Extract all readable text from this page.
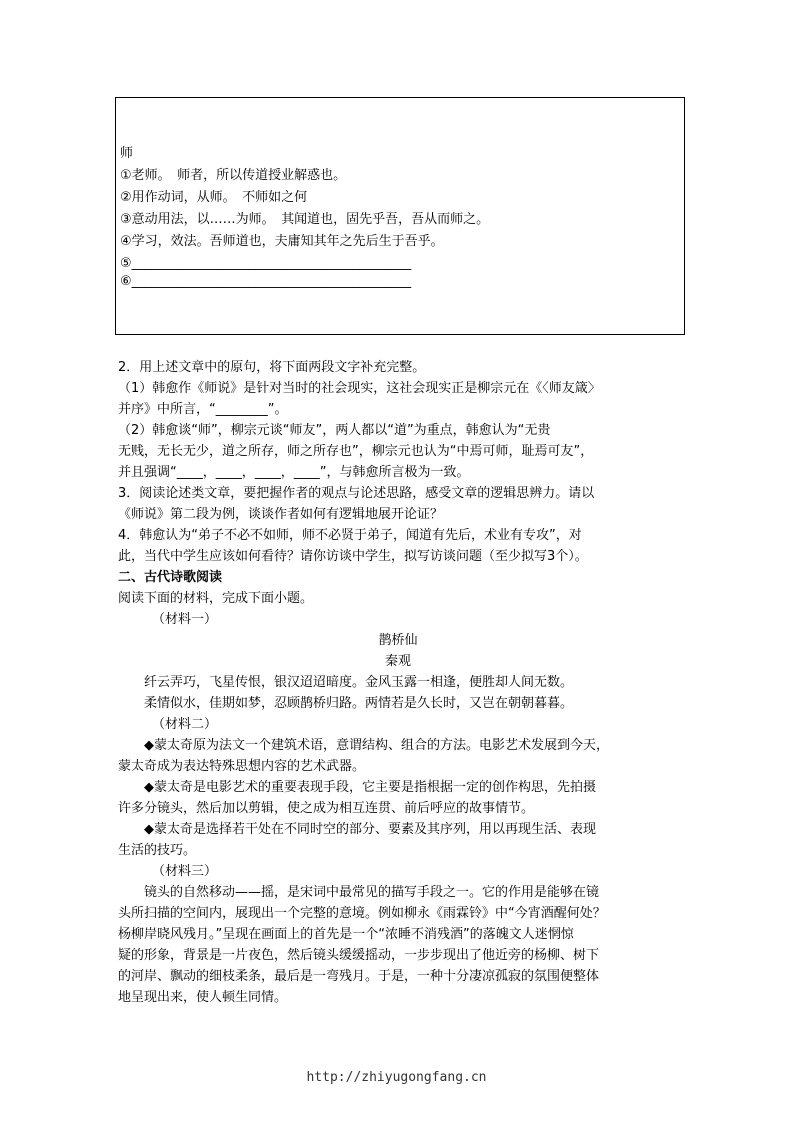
师
①老师。　师者，所以传道授业解惑也。
②用作动词，从师。　不师如之何
③意动用法，以……为师。　其闻道也，固先乎吾，吾从而师之。
④学习，效法。吾师道也，夫庸知其年之先后生于吾乎。
⑤___________________________________________
⑥___________________________________________

2．用上述文章中的原句，将下面两段文字补充完整。

（1）韩愈作《师说》是针对当时的社会现实，这社会现实正是柳宗元在《〈师友箴〉

并序》中所言，“________”。

（2）韩愈谈“师”，柳宗元谈“师友”，两人都以“道”为重点，韩愈认为“无贵

无贱，无长无少，道之所存，师之所存也”，柳宗元也认为“中焉可师，耻焉可友”，

并且强调“____，____，____，____”，与韩愈所言极为一致。

3．阅读论述类文章，要把握作者的观点与论述思路，感受文章的逻辑思辨力。请以

《师说》第二段为例，谈谈作者如何有逻辑地展开论证？

4．韩愈认为“弟子不必不如师，师不必贤于弟子，闻道有先后，术业有专攻”，对

此，当代中学生应该如何看待？请你访谈中学生，拟写访谈问题（至少拟写3个）。

二、古代诗歌阅读

阅读下面的材料，完成下面小题。

（材料一）

鹊桥仙

秦观

纤云弄巧，飞星传恨，银汉迢迢暗度。金风玉露一相逢，便胜却人间无数。

柔情似水，佳期如梦，忍顾鹊桥归路。两情若是久长时，又岂在朝朝暮暮。

（材料二）

◆蒙太奇原为法文一个建筑术语，意谓结构、组合的方法。电影艺术发展到今天，

蒙太奇成为表达特殊思想内容的艺术武器。

◆蒙太奇是电影艺术的重要表现手段，它主要是指根据一定的创作构思，先拍摄

许多分镜头，然后加以剪辑，使之成为相互连贯、前后呼应的故事情节。

◆蒙太奇是选择若干处在不同时空的部分、要素及其序列，用以再现生活、表现

生活的技巧。

（材料三）

镜头的自然移动——摇，是宋词中最常见的描写手段之一。它的作用是能够在镜

头所扫描的空间内，展现出一个完整的意境。例如柳永《雨霖铃》中“今宵酒醒何处？

杨柳岸晓风残月。”呈现在画面上的首先是一个“浓睡不消残酒”的落魄文人迷惘惊

疑的形象，背景是一片夜色，然后镜头缓缓摇动，一步步现出了他近旁的杨柳、树下

的河岸、飘动的细枝柔条，最后是一弯残月。于是，一种十分凄凉孤寂的氛围便整体

地呈现出来，使人顿生同情。

http://zhiyugongfang.cn
